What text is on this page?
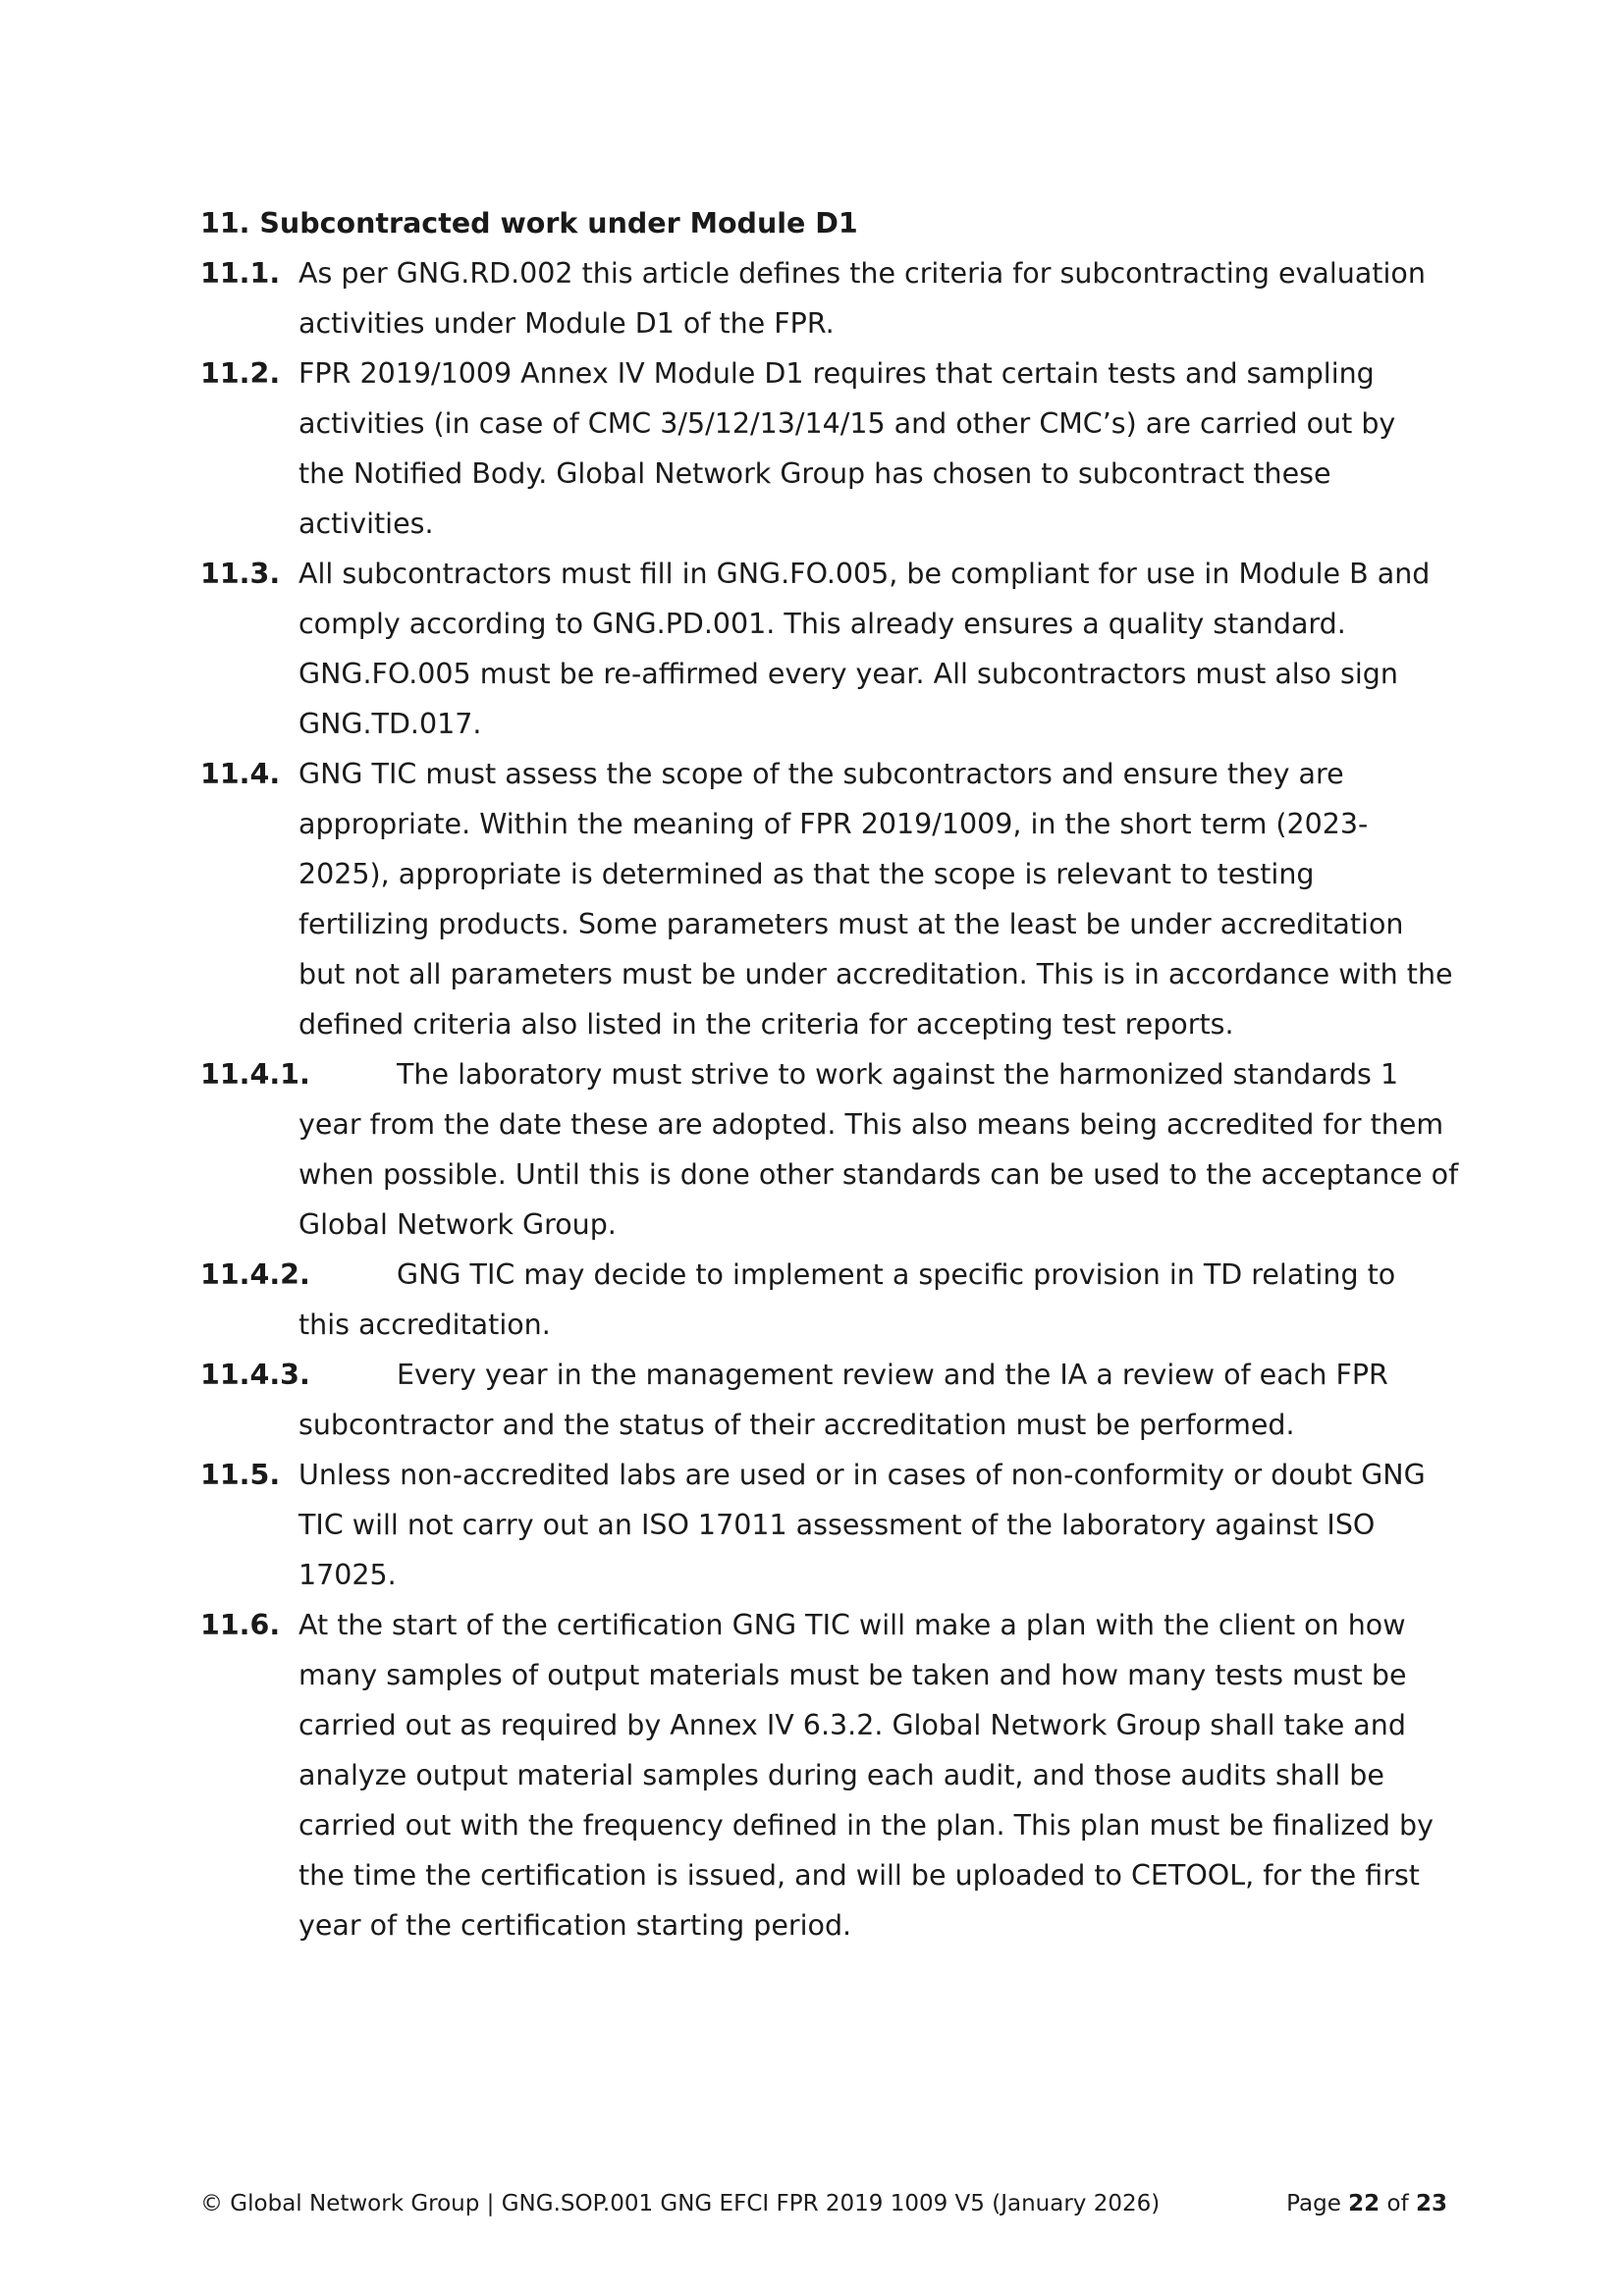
11. Subcontracted work under Module D1
11.1. As per GNG.RD.002 this article defines the criteria for subcontracting evaluation
activities under Module D1 of the FPR.
11.2. FPR 2019/1009 Annex IV Module D1 requires that certain tests and sampling
activities (in case of CMC 3/5/12/13/14/15 and other CMC’s) are carried out by
the Notified Body. Global Network Group has chosen to subcontract these
activities.
11.3. All subcontractors must fill in GNG.FO.005, be compliant for use in Module B and
comply according to GNG.PD.001. This already ensures a quality standard.
GNG.FO.005 must be re-affirmed every year. All subcontractors must also sign
GNG.TD.017.
11.4. GNG TIC must assess the scope of the subcontractors and ensure they are
appropriate. Within the meaning of FPR 2019/1009, in the short term (2023-
2025), appropriate is determined as that the scope is relevant to testing
fertilizing products. Some parameters must at the least be under accreditation
but not all parameters must be under accreditation. This is in accordance with the
defined criteria also listed in the criteria for accepting test reports.
11.4.1.	The laboratory must strive to work against the harmonized standards 1
year from the date these are adopted. This also means being accredited for them
when possible. Until this is done other standards can be used to the acceptance of
Global Network Group.
11.4.2.	GNG TIC may decide to implement a specific provision in TD relating to
this accreditation.
11.4.3.	Every year in the management review and the IA a review of each FPR
subcontractor and the status of their accreditation must be performed.
11.5. Unless non-accredited labs are used or in cases of non-conformity or doubt GNG
TIC will not carry out an ISO 17011 assessment of the laboratory against ISO
17025.
11.6. At the start of the certification GNG TIC will make a plan with the client on how
many samples of output materials must be taken and how many tests must be
carried out as required by Annex IV 6.3.2. Global Network Group shall take and
analyze output material samples during each audit, and those audits shall be
carried out with the frequency defined in the plan. This plan must be finalized by
the time the certification is issued, and will be uploaded to CETOOL, for the first
year of the certification starting period.
© Global Network Group | GNG.SOP.001 GNG EFCI FPR 2019 1009 V5 (January 2026)	Page 22 of 23
